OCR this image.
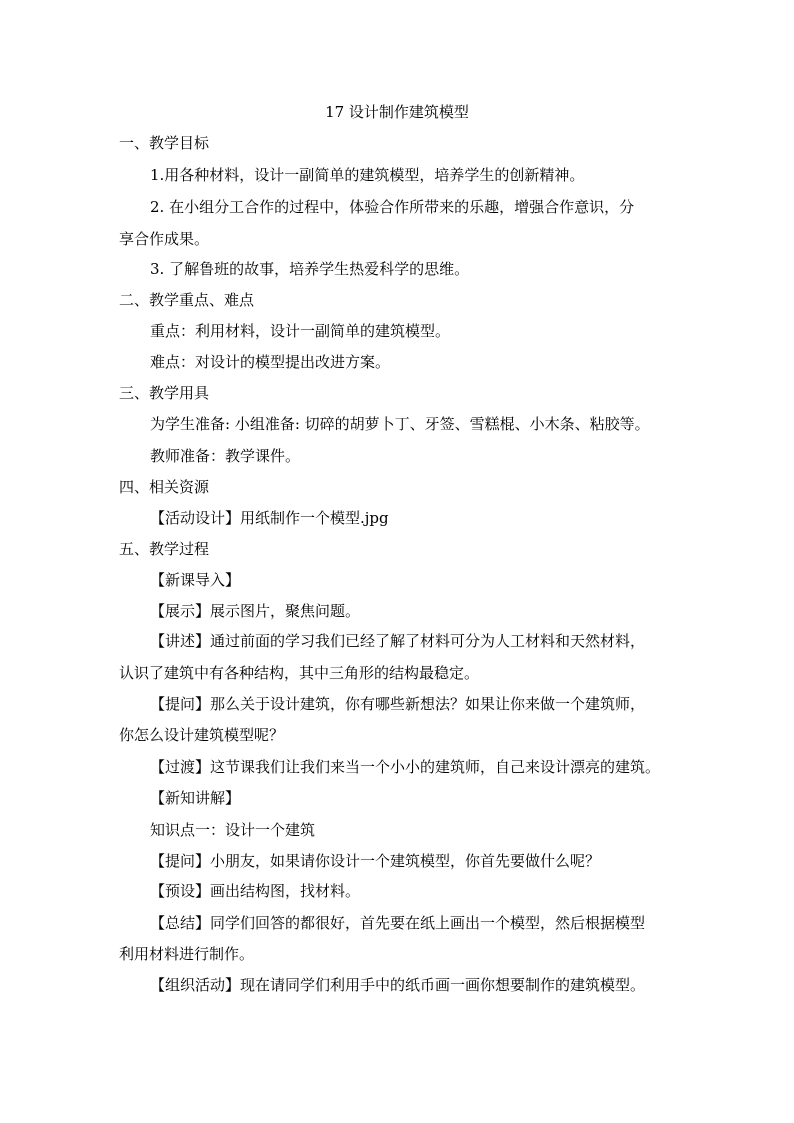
17 设计制作建筑模型
一、教学目标
1.用各种材料，设计一副简单的建筑模型，培养学生的创新精神。
2. 在小组分工合作的过程中，体验合作所带来的乐趣，增强合作意识，分
享合作成果。
3. 了解鲁班的故事，培养学生热爱科学的思维。
二、教学重点、难点
重点：利用材料，设计一副简单的建筑模型。
难点：对设计的模型提出改进方案。
三、教学用具
为学生准备: 小组准备: 切碎的胡萝卜丁、牙签、雪糕棍、小木条、粘胶等。
教师准备：教学课件。
四、相关资源
【活动设计】用纸制作一个模型.jpg
五、教学过程
【新课导入】
【展示】展示图片，聚焦问题。
【讲述】通过前面的学习我们已经了解了材料可分为人工材料和天然材料，
认识了建筑中有各种结构，其中三角形的结构最稳定。
【提问】那么关于设计建筑，你有哪些新想法？如果让你来做一个建筑师，
你怎么设计建筑模型呢？
【过渡】这节课我们让我们来当一个小小的建筑师，自己来设计漂亮的建筑。
【新知讲解】
知识点一：设计一个建筑
【提问】小朋友，如果请你设计一个建筑模型，你首先要做什么呢？
【预设】画出结构图，找材料。
【总结】同学们回答的都很好，首先要在纸上画出一个模型，然后根据模型
利用材料进行制作。
【组织活动】现在请同学们利用手中的纸币画一画你想要制作的建筑模型。
